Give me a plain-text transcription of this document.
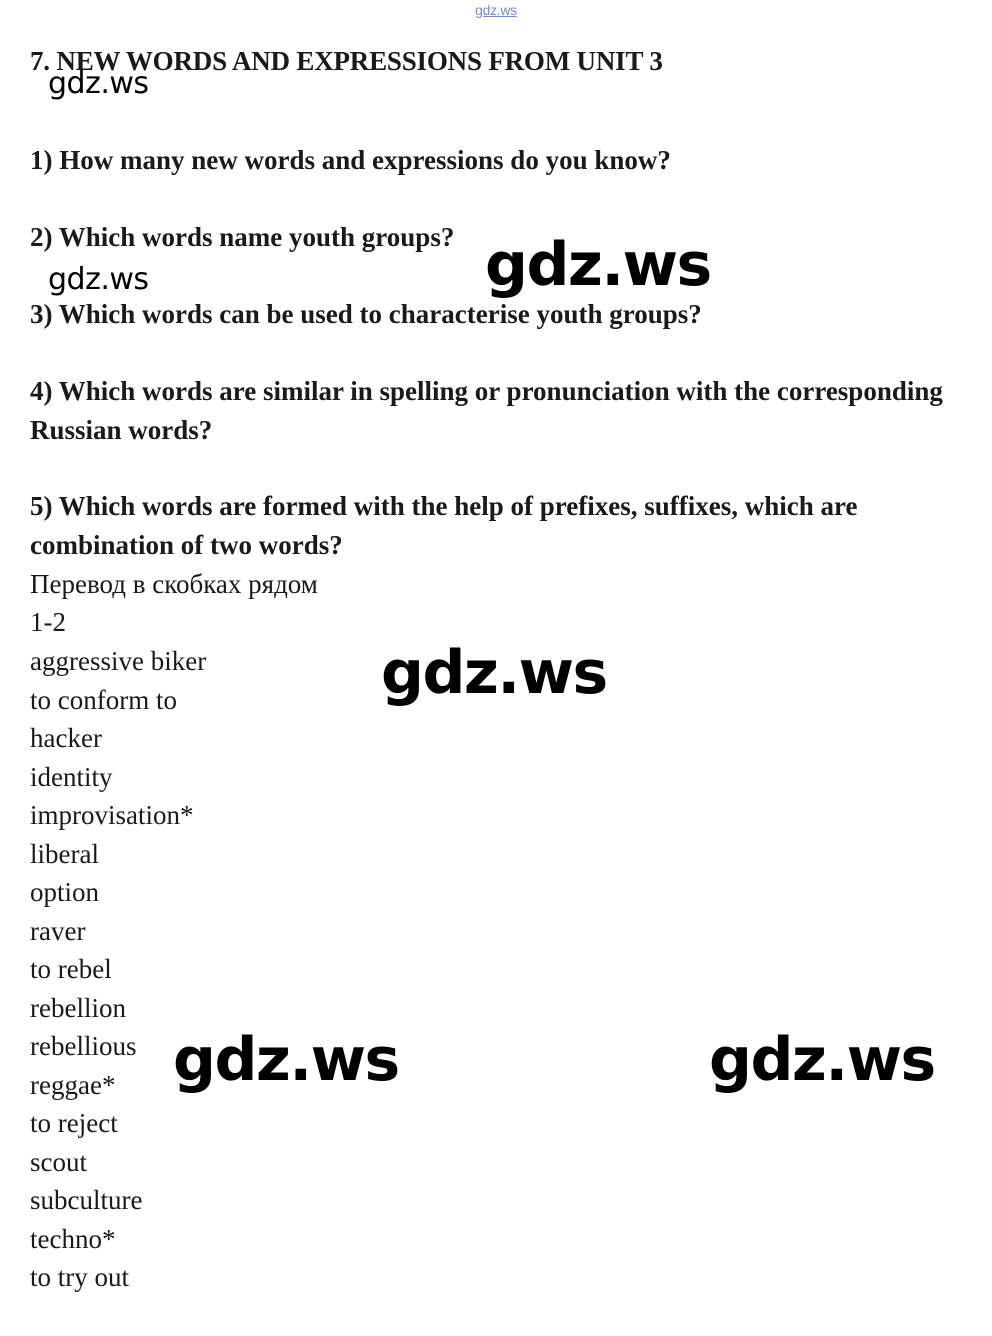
gdz.ws
7. NEW WORDS AND EXPRESSIONS FROM UNIT 3
1) How many new words and expressions do you know?
2) Which words name youth groups?
3) Which words can be used to characterise youth groups?
4) Which words are similar in spelling or pronunciation with the corresponding Russian words?
5) Which words are formed with the help of prefixes, suffixes, which are combination of two words?
Перевод в скобках рядом
1-2
aggressive biker
to conform to
hacker
identity
improvisation*
liberal
option
raver
to rebel
rebellion
rebellious
reggae*
to reject
scout
subculture
techno*
to try out
gdz.ws
gdz.ws
gdz.ws
gdz.ws
gdz.ws	gdz.ws
